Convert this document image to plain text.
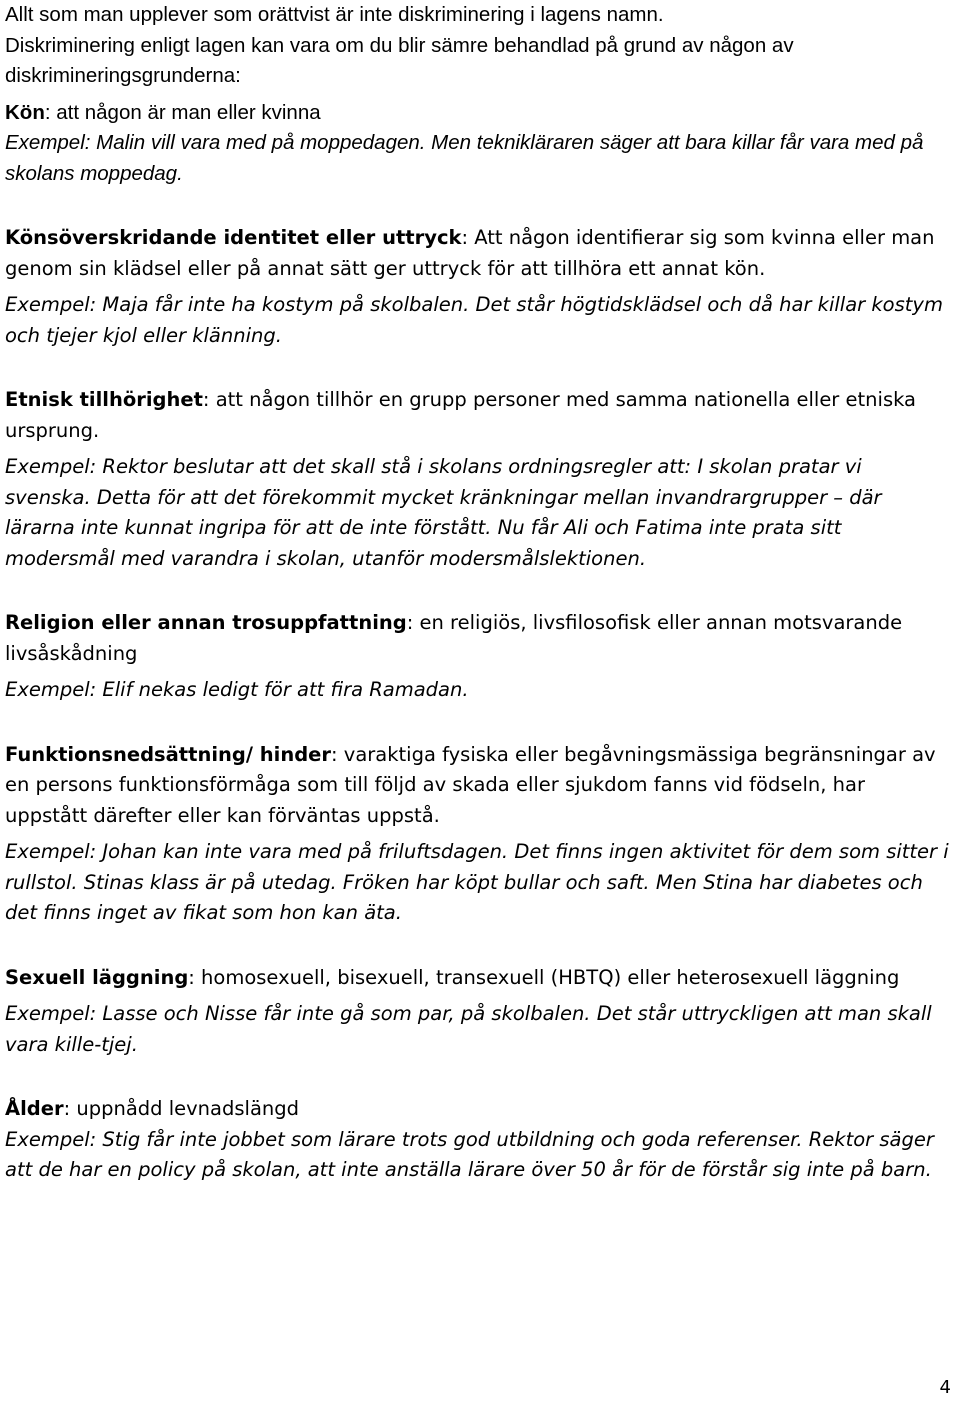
Allt som man upplever som orättvist är inte diskriminering i lagens namn.

Diskriminering enligt lagen kan vara om du blir sämre behandlad på grund av någon av diskrimineringsgrunderna:

Kön: att någon är man eller kvinna

Exempel: Malin vill vara med på moppedagen. Men teknikläraren säger att bara killar får vara med på skolans moppedag.

Könsöverskridande identitet eller uttryck: Att någon identifierar sig som kvinna eller man genom sin klädsel eller på annat sätt ger uttryck för att tillhöra ett annat kön.

Exempel: Maja får inte ha kostym på skolbalen. Det står högtidsklädsel och då har killar kostym och tjejer kjol eller klänning.

Etnisk tillhörighet: att någon tillhör en grupp personer med samma nationella eller etniska ursprung.

Exempel: Rektor beslutar att det skall stå i skolans ordningsregler att: I skolan pratar vi svenska. Detta för att det förekommit mycket kränkningar mellan invandrargrupper – där lärarna inte kunnat ingripa för att de inte förstått. Nu får Ali och Fatima inte prata sitt modersmål med varandra i skolan, utanför modersmålslektionen.

Religion eller annan trosuppfattning: en religiös, livsfilosofisk eller annan motsvarande livsåskådning

Exempel: Elif nekas ledigt för att fira Ramadan.

Funktionsnedsättning/ hinder: varaktiga fysiska eller begåvningsmässiga begränsningar av en persons funktionsförmåga som till följd av skada eller sjukdom fanns vid födseln, har uppstått därefter eller kan förväntas uppstå.

Exempel: Johan kan inte vara med på friluftsdagen. Det finns ingen aktivitet för dem som sitter i rullstol. Stinas klass är på utedag. Fröken har köpt bullar och saft. Men Stina har diabetes och det finns inget av fikat som hon kan äta.

Sexuell läggning: homosexuell, bisexuell, transexuell (HBTQ) eller heterosexuell läggning

Exempel: Lasse och Nisse får inte gå som par, på skolbalen. Det står uttryckligen att man skall vara kille-tjej.

Ålder: uppnådd levnadslängd

Exempel: Stig får inte jobbet som lärare trots god utbildning och goda referenser. Rektor säger att de har en policy på skolan, att inte anställa lärare över 50 år för de förstår sig inte på barn.

4
